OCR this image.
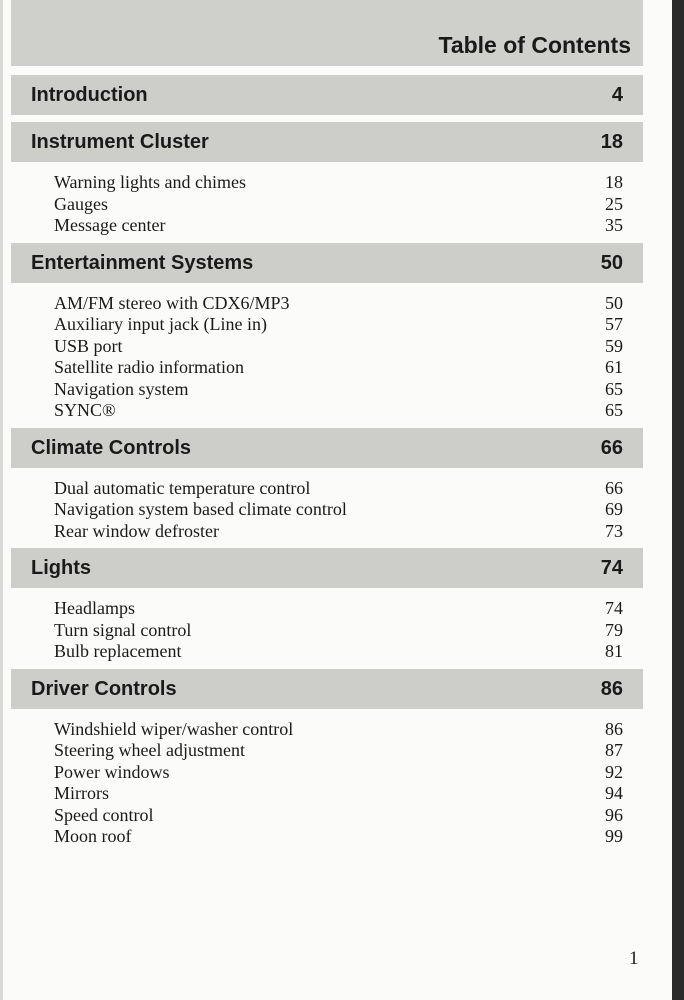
Table of Contents
Introduction	4
Instrument Cluster	18
Warning lights and chimes	18
Gauges	25
Message center	35
Entertainment Systems	50
AM/FM stereo with CDX6/MP3	50
Auxiliary input jack (Line in)	57
USB port	59
Satellite radio information	61
Navigation system	65
SYNC®	65
Climate Controls	66
Dual automatic temperature control	66
Navigation system based climate control	69
Rear window defroster	73
Lights	74
Headlamps	74
Turn signal control	79
Bulb replacement	81
Driver Controls	86
Windshield wiper/washer control	86
Steering wheel adjustment	87
Power windows	92
Mirrors	94
Speed control	96
Moon roof	99
1
